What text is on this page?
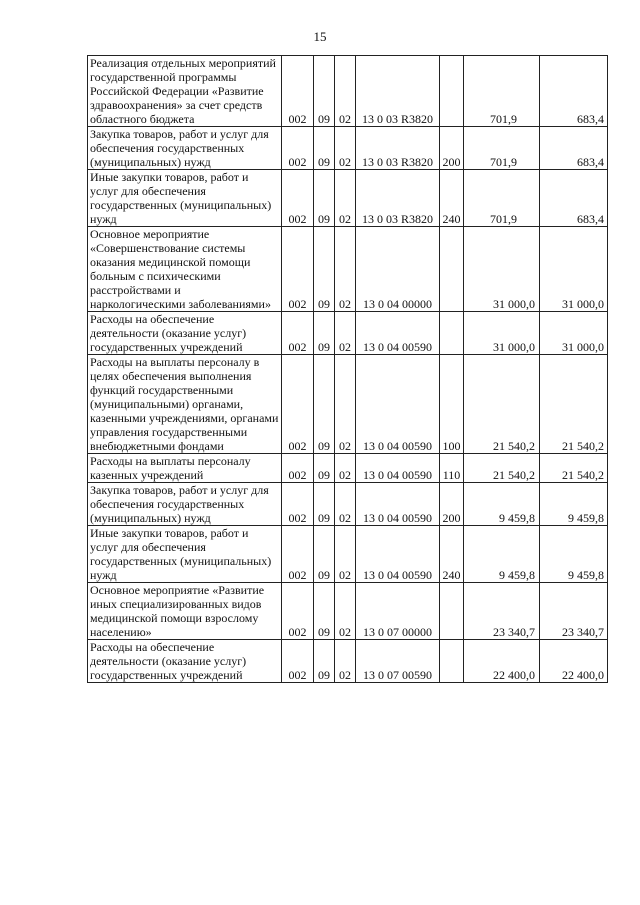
15
Реализация отдельных мероприятий государственной программы Российской Федерации «Развитие здравоохранения» за счет средств областного бюджета	002	09	02	13 0 03 R3820		701,9	683,4
Закупка товаров, работ и услуг для обеспечения государственных (муниципальных) нужд	002	09	02	13 0 03 R3820	200	701,9	683,4
Иные закупки товаров, работ и услуг для обеспечения государственных (муниципальных) нужд	002	09	02	13 0 03 R3820	240	701,9	683,4
Основное мероприятие «Совершенствование системы оказания медицинской помощи больным с психическими расстройствами и наркологическими заболеваниями»	002	09	02	13 0 04 00000		31 000,0	31 000,0
Расходы на обеспечение деятельности (оказание услуг) государственных учреждений	002	09	02	13 0 04 00590		31 000,0	31 000,0
Расходы на выплаты персоналу в целях обеспечения выполнения функций государственными (муниципальными) органами, казенными учреждениями, органами управления государственными внебюджетными фондами	002	09	02	13 0 04 00590	100	21 540,2	21 540,2
Расходы на выплаты персоналу казенных учреждений	002	09	02	13 0 04 00590	110	21 540,2	21 540,2
Закупка товаров, работ и услуг для обеспечения государственных (муниципальных) нужд	002	09	02	13 0 04 00590	200	9 459,8	9 459,8
Иные закупки товаров, работ и услуг для обеспечения государственных (муниципальных) нужд	002	09	02	13 0 04 00590	240	9 459,8	9 459,8
Основное мероприятие «Развитие иных специализированных видов медицинской помощи взрослому населению»	002	09	02	13 0 07 00000		23 340,7	23 340,7
Расходы на обеспечение деятельности (оказание услуг) государственных учреждений	002	09	02	13 0 07 00590		22 400,0	22 400,0
